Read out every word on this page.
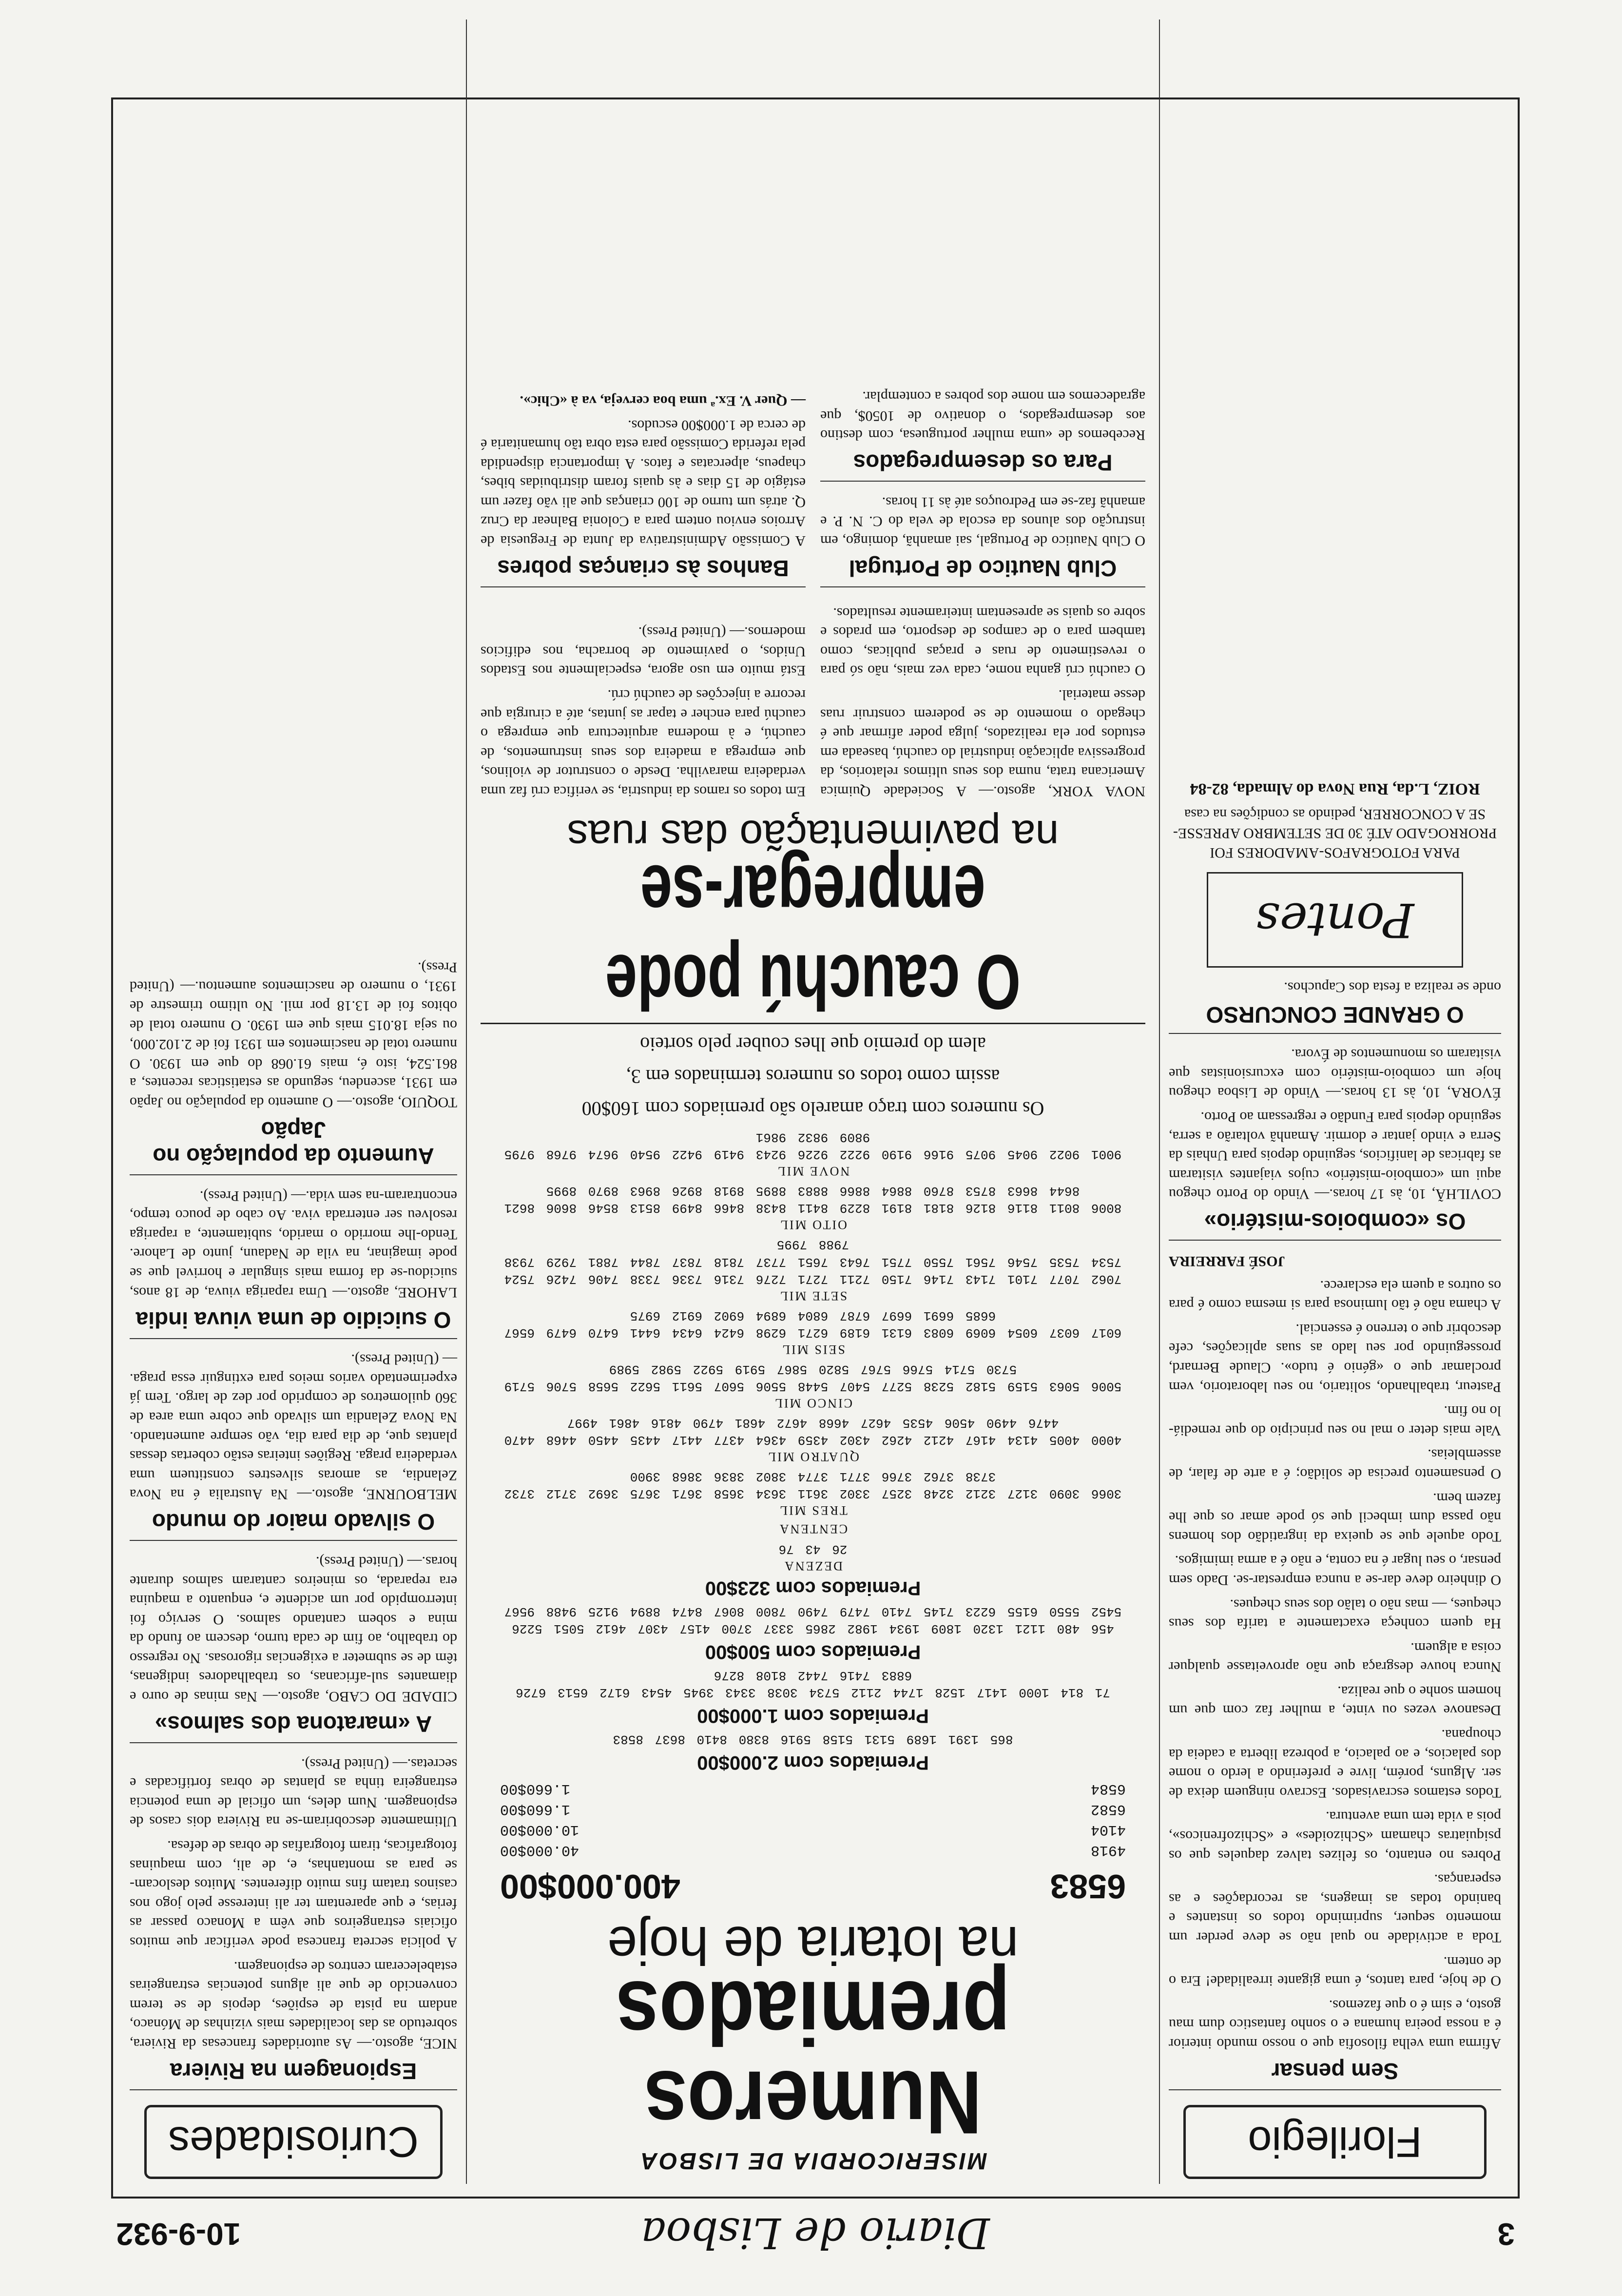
3
Diario de Lisboa
10-9-932
Florilegio
Sem pensar

Afirma uma velha filosofia que o nosso mundo interior é a nossa poeira humana e o sonho fantastico dum mau gosto, e sim é o que fazemos.

O de hoje, para tantos, é uma gigante irrealidade! Era o de ontem.

Toda a actividade no qual não se deve perder um momento sequer, suprimindo todos os instantes e banindo todas as imagens, as recordações e as esperanças.

Pobres no entanto, os felizes talvez daqueles que os psiquiatras chamam «Schizoides» e «Schizofrenicos», pois a vida tem uma aventura.

Todos estamos escravisados. Escravo ninguem deixa de ser. Alguns, porém, livre e preferindo a lerdo o nome dos palacios, e ao palacio, a pobreza liberta a cadeia da choupana.

Desanove vezes ou vinte, a mulher faz com que um homem sonhe o que realiza.

Nunca houve desgraça que não aproveitasse qualquer coisa a alguem.

Ha quem conheça exactamente a tarifa dos seus cheques, — mas não o talão dos seus cheques.

O dinheiro deve dar-se a nunca emprestar-se. Dado sem pensar, o seu lugar é na conta, e não é a arma imimigos.

Todo aquele que se queixa da ingratidão dos homens não passa dum imbecil que só pode amar os que lhe fazem bem.

O pensamento precisa de solidão; é a arte de falar, de assembleias.

Vale mais deter o mal no seu principio do que remediá-lo no fim.

Pasteur, trabalhando, solitario, no seu laboratorio, vem proclamar que o «génio é tudo». Claude Bernard, prosseguindo por seu lado as suas aplicações, cefe descobrir que o terreno é essencial.

A chama não é tão luminosa para si mesma como é para os outros a quem ela esclarece.

JOSÉ FARREIRA

Os «comboios-mistério»

COVILHÃ, 10, às 17 horas.— Vindo do Porto chegou aqui um «comboio-mistério» cujos viajantes visitaram as fabricas de lanificios, seguindo depois para Unhais da Serra e vindo jantar e dormir. Amanhã voltarão a serra, seguindo depois para Fundão e regressam ao Porto.

ÉVORA, 10, às 13 horas.— Vindo de Lisboa chegou hoje um comboio-mistério com excursionistas que visitaram os monumentos de Évora.

O GRANDE CONCURSO

onde se realiza a festa dos Capuchos.

Pontes

PARA FOTOGRAFOS-AMADORES FOI PRORROGADO ATÉ 30 DE SETEMBRO APRESSE-SE A CONCORRER, pedindo as condições na casa

ROIZ, L.da, Rua Nova do Almada, 82-84

MISERICORDIA DE LISBOA
Numeros premiados
na lotaria de hoje
6583
400.000$00
4918
40.000$00
4104
10.000$00
6582
1.660$00
6584
1.660$00
Premiados com 2.000$00
865 1391 1689 5131 5158 5916 8380 8410 8637 8583
Premiados com 1.000$00
71 814 1000 1417 1528 1744 2112 5734 3038 3343 3945 4543 6172 6513 6726 6883 7416 7442 8108 8276
Premiados com 500$00
456 480 1121 1320 1809 1934 1982 2865 3337 3700 4157 4307 4612 5051 5226 5452 5550 6155 6223 7145 7410 7479 7490 7800 8067 8474 8894 9125 9488 9567
Premiados com 323$00
DEZENA
26 43 76
CENTENA
TRES MIL
3066 3090 3127 3212 3248 3257 3302 3611 3634 3658 3671 3675 3692 3712 3732 3738 3762 3766 3771 3774 3802 3836 3868 3900
QUATRO MIL
4000 4005 4134 4167 4212 4262 4302 4359 4364 4377 4417 4435 4450 4468 4470 4476 4490 4506 4535 4627 4668 4672 4681 4790 4816 4861 4997
CINCO MIL
5006 5063 5159 5182 5238 5277 5407 5448 5506 5607 5611 5622 5658 5706 5719 5730 5714 5766 5767 5820 5867 5919 5922 5982 5989
SEIS MIL
6017 6037 6054 6069 6083 6131 6189 6271 6298 6424 6434 6441 6470 6479 6567 6685 6691 6697 6787 6804 6894 6902 6912 6975
SETE MIL
7062 7077 7101 7143 7146 7150 7211 7271 7276 7316 7336 7338 7406 7426 7524 7534 7535 7546 7561 7550 7751 7643 7651 7737 7818 7837 7844 7881 7929 7938 7988 7995
OITO MIL
8006 8011 8116 8126 8181 8191 8229 8411 8438 8466 8499 8513 8546 8606 8621 8644 8663 8753 8760 8864 8866 8883 8895 8918 8926 8963 8970 8995
NOVE MIL
9001 9022 9045 9075 9166 9190 9222 9226 9243 9419 9422 9540 9674 9768 9795 9809 9832 9861
Os numeros com traço amarelo são premiados com 160$00
assim como todos os numeros terminados em 3,
alem do premio que lhes couber pelo sorteio
O cauchú pode empregar-se
na pavimentação das ruas

NOVA YORK, agosto.— A Sociedade Quimica Americana trata, numa dos seus ultimos relatorios, da progressiva aplicação industrial do cauchú, baseada em estudos por ela realizados, julga poder afirmar que é chegado o momento de se poderem construir ruas desse material.

O cauchú crú ganha nome, cada vez mais, não só para o revestimento de ruas e praças publicas, como tambem para o de campos de desporto, em prados e sobre os quais se apresentam inteiramente resultados.

Em todos os ramos da industria, se verifica crú faz uma verdadeira maravilha. Desde o construtor de violinos, que emprega a madeira dos seus instrumentos, de cauchú, e à moderna arquitectura que emprega o cauchú para encher e tapar as juntas, até a cirurgia que recorre a injecções de cauchú crú.

Está muito em uso agora, especialmente nos Estados Unidos, o pavimento de borracha, nos edificios modernos.— (United Press).

Club Nautico de Portugal

O Club Nautico de Portugal, sai amanhã, domingo, em instrução dos alunos da escola de vela do C. N. P. e amanhã faz-se em Pedrouços até às 11 horas.

Para os desempregados

Recebemos de «uma mulher portuguesa, com destino aos desempregados, o donativo de 1050$, que agradecemos em nome dos pobres a contemplar.

Banhos às crianças pobres

A Comissão Administrativa da Junta de Freguesia de Arroios enviou ontem para a Colonia Balnear da Cruz Q. atrás um turno de 100 crianças que ali vão fazer um estágio de 15 dias e às quais foram distribuidas bibes, chapeus, alpercatas e fatos. A importancia dispendida pela referida Comissão para esta obra tão humanitaria é de cerca de 1.000$00 escudos.

— Quer V. Ex.ª uma boa cerveja, va à «Chic».

Curiosidades
Espionagem na Riviera

NICE, agosto.— As autoridades francesas da Riviera, sobretudo as das localidades mais vizinhas de Mónaco, andam na pista de espiões, depois de se terem convencido de que ali alguns potencias estrangeiras estabeleceram centros de espionagem.

A policia secreta francesa pode verificar que muitos oficiais estrangeiros que vêm a Monaco passar as ferias, e que aparentam ter ali interesse pelo jogo nos casinos tratam fins muito diferentes. Muitos deslocam-se para as montanhas, e, de ali, com maquinas fotograficas, tiram fotografias de obras de defesa.

Ultimamente descobriram-se na Riviera dois casos de espionagem. Num deles, um oficial de uma potencia estrangeira tinha as plantas de obras fortificadas e secretas.— (United Press).

A «maratona dos salmos»

CIDADE DO CABO, agosto.— Nas minas de ouro e diamantes sul-africanas, os trabalhadores indigenas, têm de se submeter a exigencias rigorosas. No regresso do trabalho, ao fim de cada turno, descem ao fundo da mina e sobem cantando salmos. O serviço foi interrompido por um acidente e, enquanto a maquina era reparada, os mineiros cantaram salmos durante horas.— (United Press).

O silvado maior do mundo

MELBOURNE, agosto.— Na Australia é na Nova Zelandia, as amoras silvestres constituem uma verdadeira praga. Regiões inteiras estão cobertas dessas plantas que, de dia para dia, vão sempre aumentando. Na Nova Zelandia um silvado que cobre uma area de 360 quilometros de comprido por dez de largo. Tem já experimentado varios meios para extinguir essa praga.— (United Press).

O suicidio de uma viuva india

LAHORE, agosto.— Uma rapariga viuva, de 18 anos, suicidou-se da forma mais singular e horrivel que se pode imaginar, na vila de Nadaun, junto de Lahore. Tendo-lhe morrido o marido, subitamente, a rapariga resolveu ser enterrada viva. Ao cabo de pouco tempo, encontraram-na sem vida.— (United Press).

Aumento da população no Japão

TOQUIO, agosto.— O aumento da população no Japão em 1931, ascendeu, segundo as estatisticas recentes, a 861.524, isto é, mais 61.068 do que em 1930. O numero total de nascimentos em 1931 foi de 2.102.000, ou seja 18.015 mais que em 1930. O numero total de obitos foi de 13.18 por mil. No ultimo trimestre de 1931, o numero de nascimentos aumentou.— (United Press).
